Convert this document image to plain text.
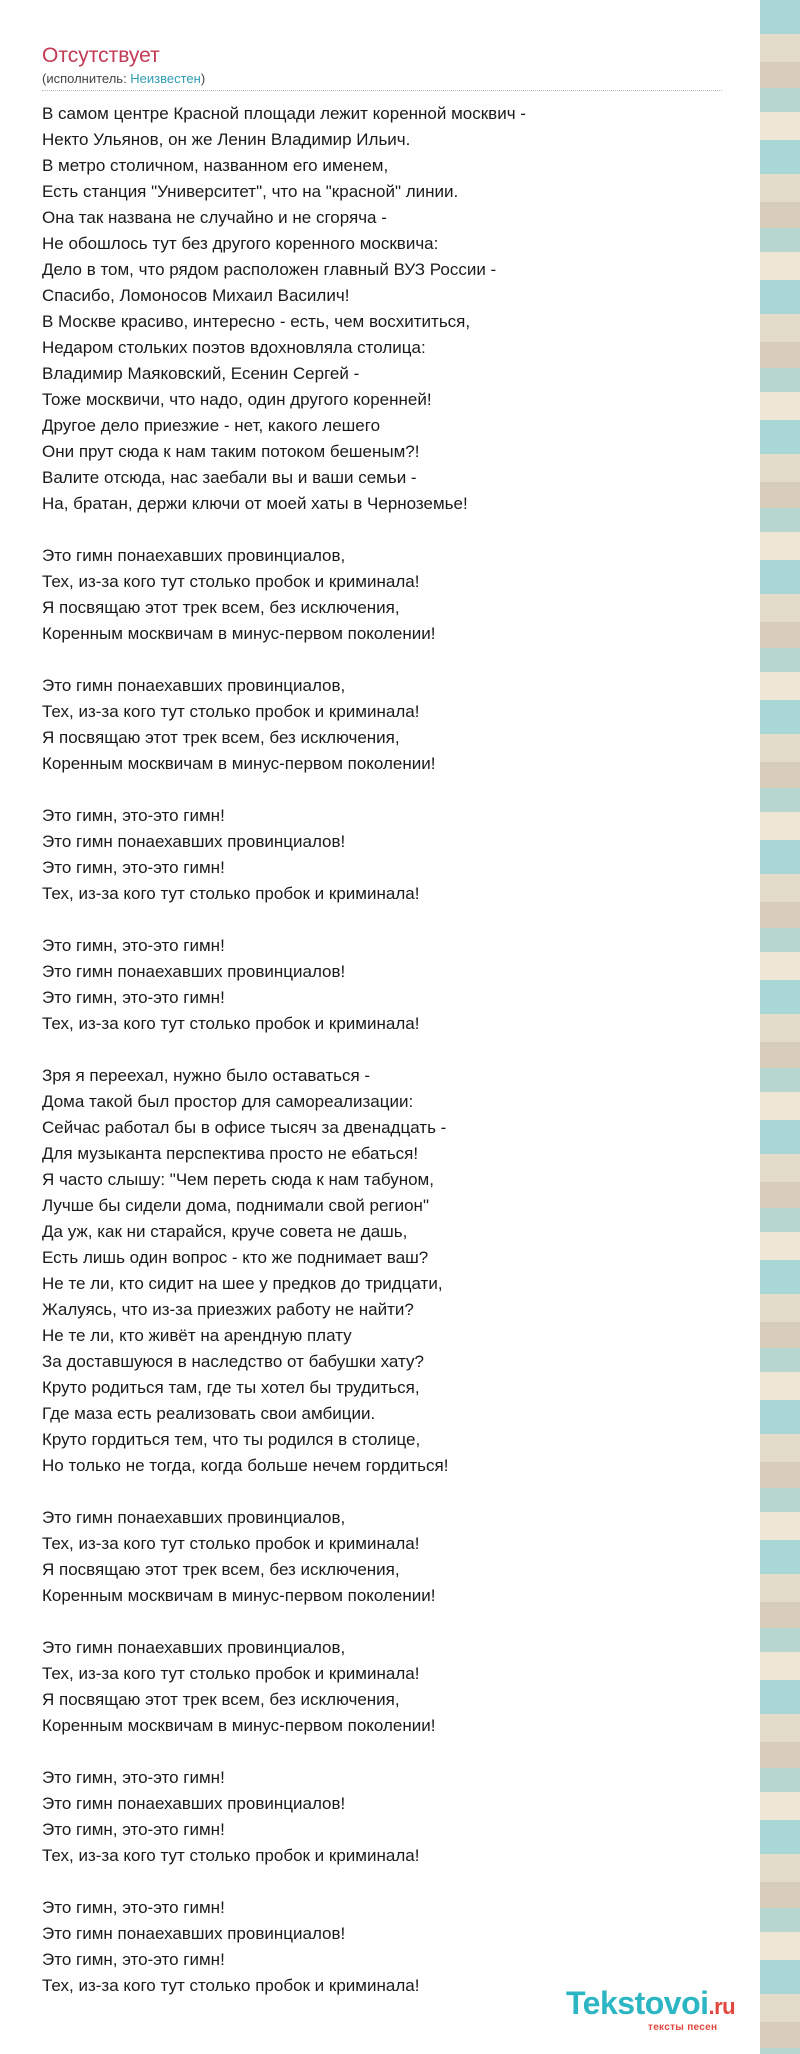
Отсутствует
(исполнитель: Неизвестен)
В самом центре Красной площади лежит коренной москвич -
Некто Ульянов, он же Ленин Владимир Ильич.
В метро столичном, названном его именем,
Есть станция "Университет", что на "красной" линии.
Она так названа не случайно и не сгоряча -
Не обошлось тут без другого коренного москвича:
Дело в том, что рядом расположен главный ВУЗ России -
Спасибо, Ломоносов Михаил Василич!
В Москве красиво, интересно - есть, чем восхититься,
Недаром стольких поэтов вдохновляла столица:
Владимир Маяковский, Есенин Сергей -
Тоже москвичи, что надо, один другого коренней!
Другое дело приезжие - нет, какого лешего
Они прут сюда к нам таким потоком бешеным?!
Валите отсюда, нас заебали вы и ваши семьи -
На, братан, держи ключи от моей хаты в Черноземье!
Это гимн понаехавших провинциалов,
Тех, из-за кого тут столько пробок и криминала!
Я посвящаю этот трек всем, без исключения,
Коренным москвичам в минус-первом поколении!
Это гимн понаехавших провинциалов,
Тех, из-за кого тут столько пробок и криминала!
Я посвящаю этот трек всем, без исключения,
Коренным москвичам в минус-первом поколении!
Это гимн, это-это гимн!
Это гимн понаехавших провинциалов!
Это гимн, это-это гимн!
Тех, из-за кого тут столько пробок и криминала!
Это гимн, это-это гимн!
Это гимн понаехавших провинциалов!
Это гимн, это-это гимн!
Тех, из-за кого тут столько пробок и криминала!
Зря я переехал, нужно было оставаться -
Дома такой был простор для самореализации:
Сейчас работал бы в офисе тысяч за двенадцать -
Для музыканта перспектива просто не ебаться!
Я часто слышу: "Чем переть сюда к нам табуном,
Лучше бы сидели дома, поднимали свой регион"
Да уж, как ни старайся, круче совета не дашь,
Есть лишь один вопрос - кто же поднимает ваш?
Не те ли, кто сидит на шее у предков до тридцати,
Жалуясь, что из-за приезжих работу не найти?
Не те ли, кто живёт на арендную плату
За доставшуюся в наследство от бабушки хату?
Круто родиться там, где ты хотел бы трудиться,
Где маза есть реализовать свои амбиции.
Круто гордиться тем, что ты родился в столице,
Но только не тогда, когда больше нечем гордиться!
Это гимн понаехавших провинциалов,
Тех, из-за кого тут столько пробок и криминала!
Я посвящаю этот трек всем, без исключения,
Коренным москвичам в минус-первом поколении!
Это гимн понаехавших провинциалов,
Тех, из-за кого тут столько пробок и криминала!
Я посвящаю этот трек всем, без исключения,
Коренным москвичам в минус-первом поколении!
Это гимн, это-это гимн!
Это гимн понаехавших провинциалов!
Это гимн, это-это гимн!
Тех, из-за кого тут столько пробок и криминала!
Это гимн, это-это гимн!
Это гимн понаехавших провинциалов!
Это гимн, это-это гимн!
Тех, из-за кого тут столько пробок и криминала!	Tekstovoi.ru
тексты песен
